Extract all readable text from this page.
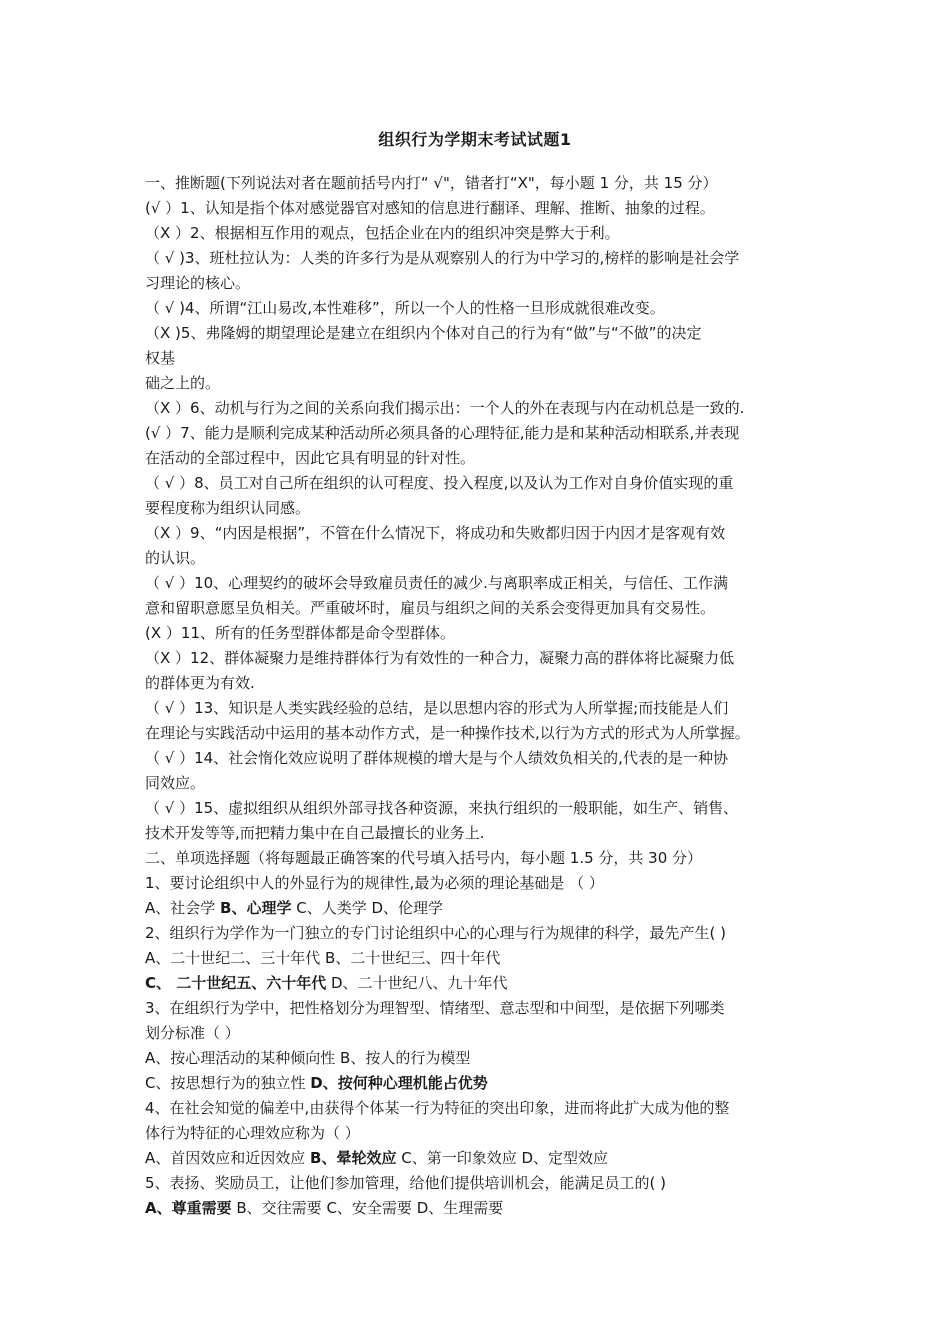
组织行为学期末考试试题1
一、推断题(下列说法对者在题前括号内打“ √"，错者打“X"，每小题 1 分，共 15 分）
(√ ）1、认知是指个体对感觉器官对感知的信息进行翻译、理解、推断、抽象的过程。
（X ）2、根据相互作用的观点，包括企业在内的组织冲突是弊大于利。
（ √ )3、班杜拉认为：人类的许多行为是从观察别人的行为中学习的,榜样的影响是社会学
习理论的核心。
（ √ )4、所谓“江山易改,本性难移”，所以一个人的性格一旦形成就很难改变。
（X )5、弗隆姆的期望理论是建立在组织内个体对自己的行为有“做”与“不做”的决定
权基
础之上的。
（X ）6、动机与行为之间的关系向我们揭示出：一个人的外在表现与内在动机总是一致的.
(√ ）7、能力是顺利完成某种活动所必须具备的心理特征,能力是和某种活动相联系,并表现
在活动的全部过程中，因此它具有明显的针对性。
（ √ ）8、员工对自己所在组织的认可程度、投入程度,以及认为工作对自身价值实现的重
要程度称为组织认同感。
（X ）9、“内因是根据”，不管在什么情况下，将成功和失败都归因于内因才是客观有效
的认识。
（ √ ）10、心理契约的破坏会导致雇员责任的减少.与离职率成正相关，与信任、工作满
意和留职意愿呈负相关。严重破坏时，雇员与组织之间的关系会变得更加具有交易性。
(X ）11、所有的任务型群体都是命令型群体。
（X ）12、群体凝聚力是维持群体行为有效性的一种合力，凝聚力高的群体将比凝聚力低
的群体更为有效.
（ √ ）13、知识是人类实践经验的总结，是以思想内容的形式为人所掌握;而技能是人们
在理论与实践活动中运用的基本动作方式，是一种操作技术,以行为方式的形式为人所掌握。
（ √ ）14、社会惰化效应说明了群体规模的增大是与个人绩效负相关的,代表的是一种协
同效应。
（ √ ）15、虚拟组织从组织外部寻找各种资源，来执行组织的一般职能，如生产、销售、
技术开发等等,而把精力集中在自己最擅长的业务上.
二、单项选择题（将每题最正确答案的代号填入括号内，每小题 1.5 分，共 30 分）
1、要讨论组织中人的外显行为的规律性,最为必须的理论基础是 （ ）
A、社会学 B、心理学 C、人类学 D、伦理学
2、组织行为学作为一门独立的专门讨论组织中心的心理与行为规律的科学，最先产生( )
A、二十世纪二、三十年代 B、二十世纪三、四十年代
C、 二十世纪五、六十年代 D、二十世纪八、九十年代
3、在组织行为学中，把性格划分为理智型、情绪型、意志型和中间型，是依据下列哪类
划分标准（ ）
A、按心理活动的某种倾向性 B、按人的行为模型
C、按思想行为的独立性 D、按何种心理机能占优势
4、在社会知觉的偏差中,由获得个体某一行为特征的突出印象，进而将此扩大成为他的整
体行为特征的心理效应称为（ ）
A、首因效应和近因效应 B、晕轮效应 C、第一印象效应 D、定型效应
5、表扬、奖励员工，让他们参加管理，给他们提供培训机会，能满足员工的( )
A、尊重需要 B、交往需要 C、安全需要 D、生理需要
